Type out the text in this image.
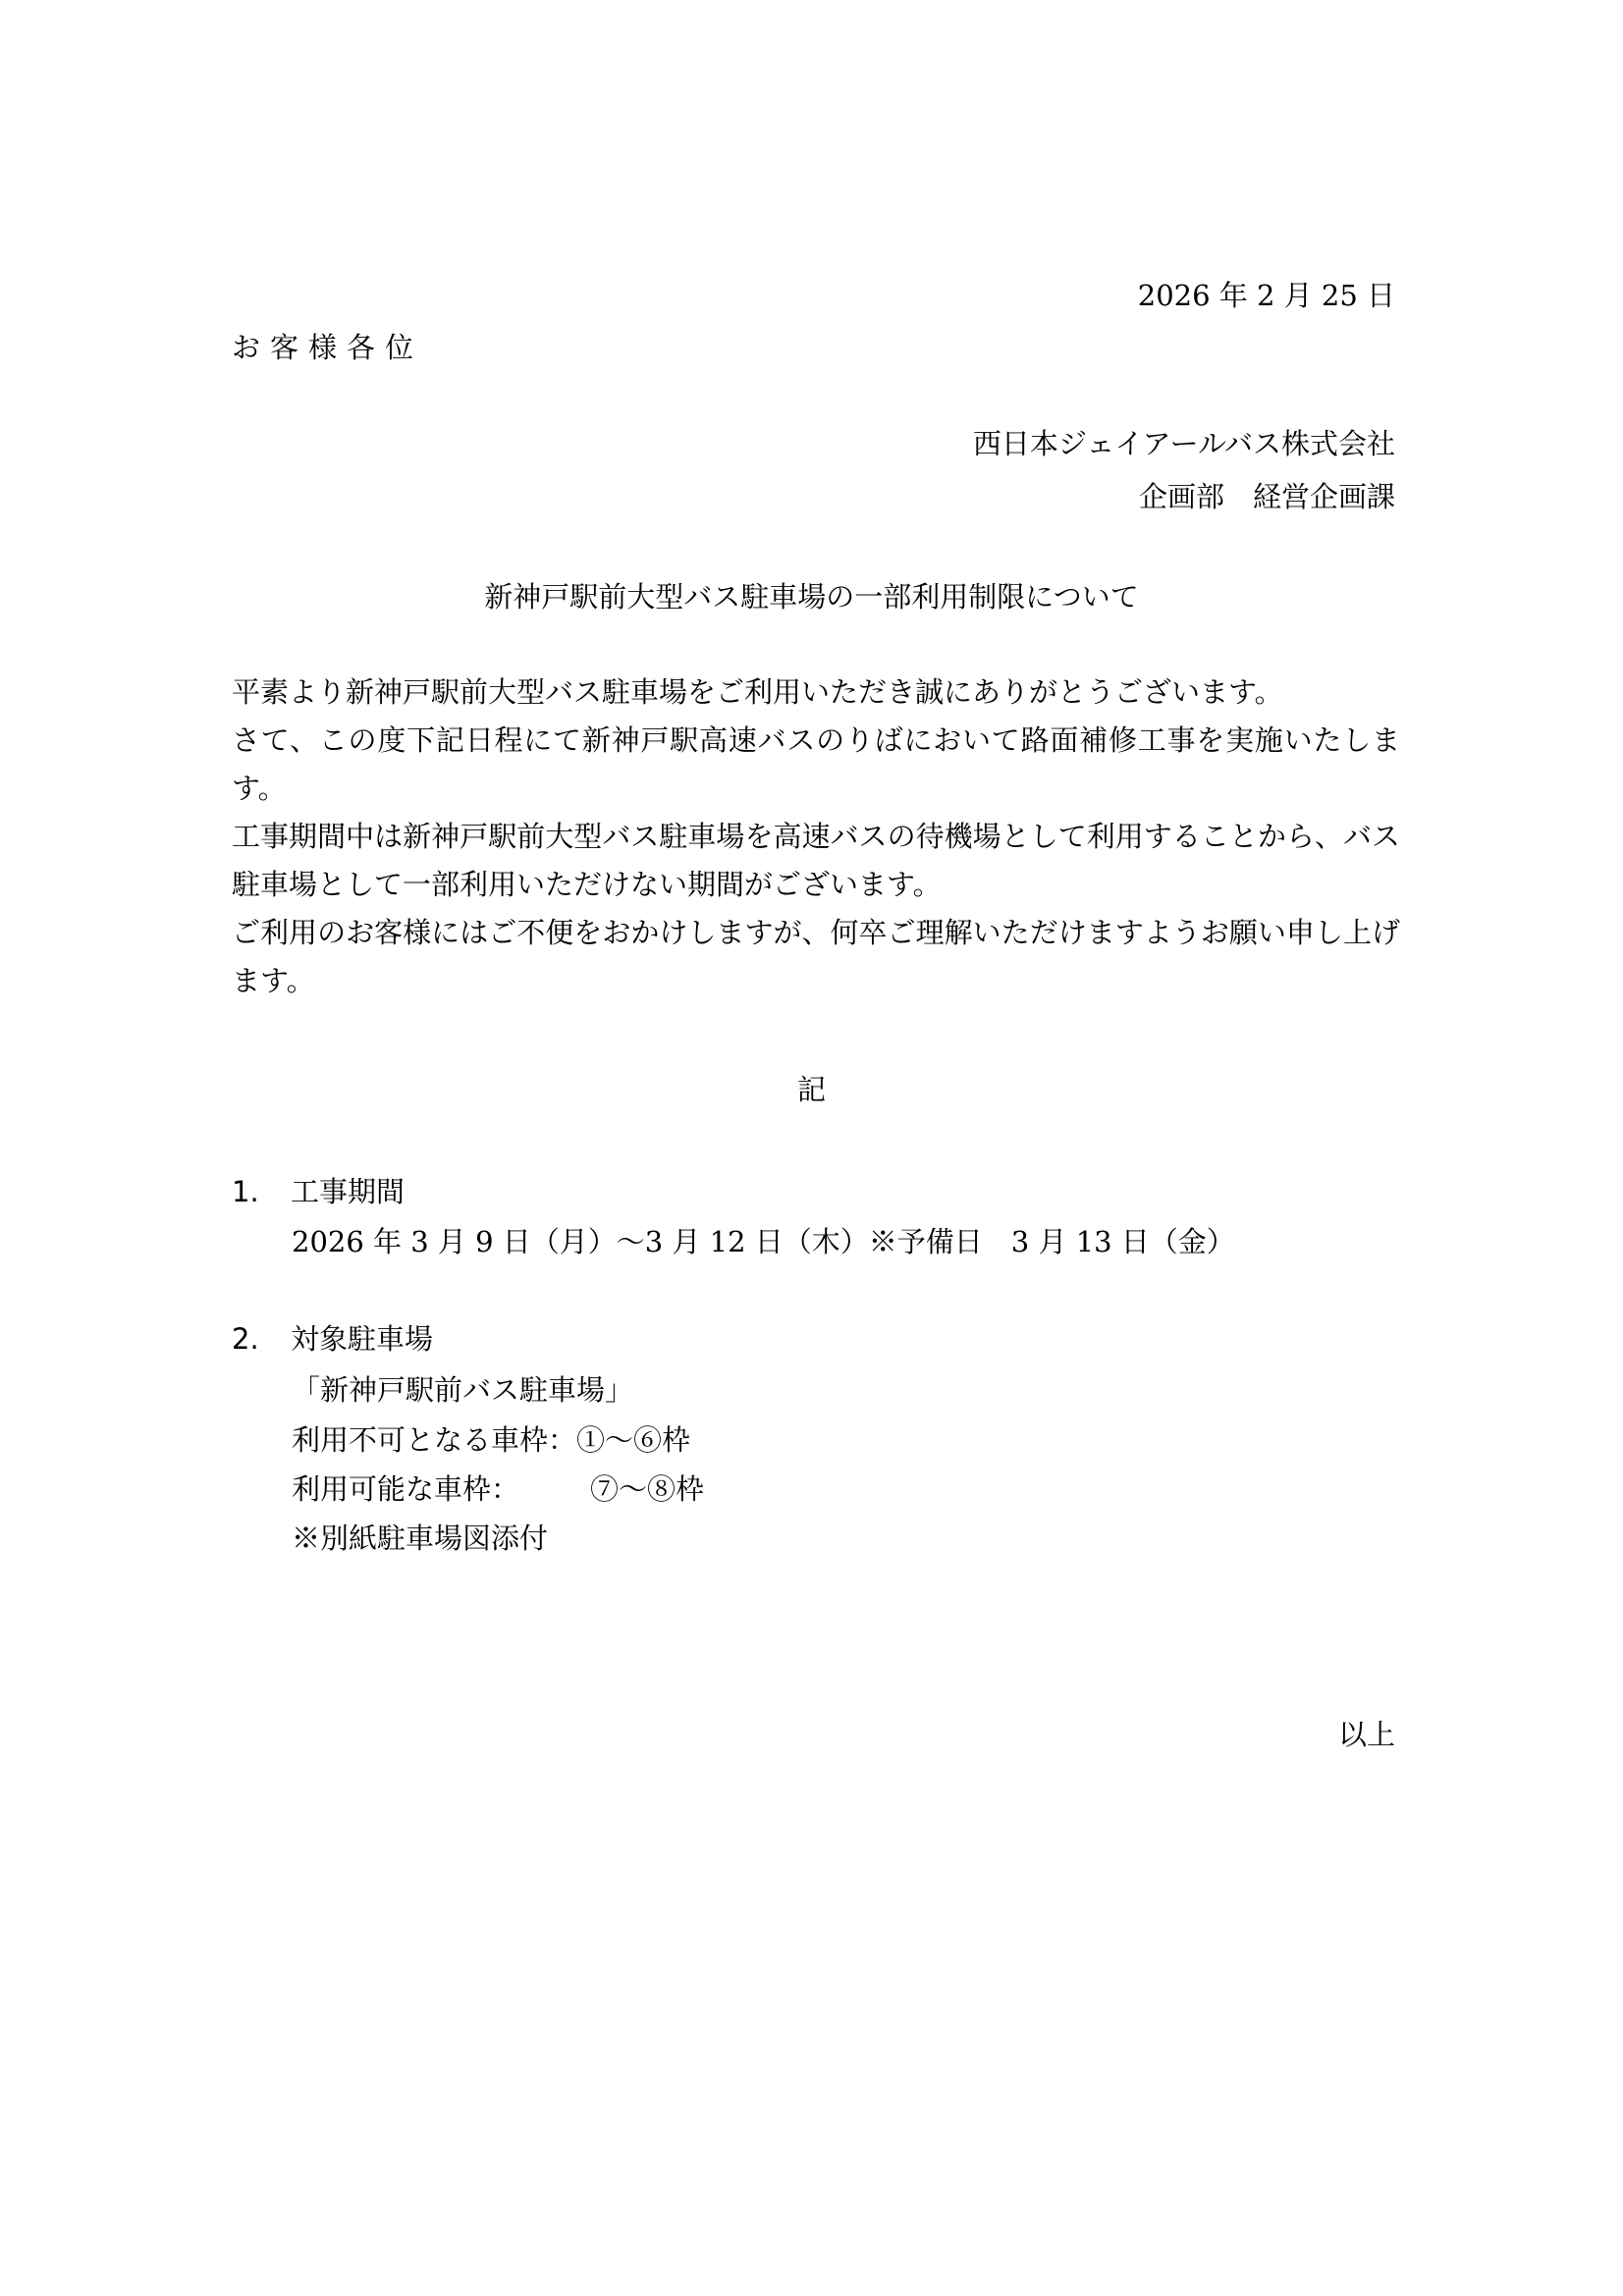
2026 年 2 月 25 日
お客様各位
西日本ジェイアールバス株式会社
企画部　経営企画課
新神戸駅前大型バス駐車場の一部利用制限について

平素より新神戸駅前大型バス駐車場をご利用いただき誠にありがとうございます。

さて、この度下記日程にて新神戸駅高速バスのりばにおいて路面補修工事を実施いたします。

工事期間中は新神戸駅前大型バス駐車場を高速バスの待機場として利用することから、バス駐車場として一部利用いただけない期間がございます。

ご利用のお客様にはご不便をおかけしますが、何卒ご理解いただけますようお願い申し上げます。

記
1. 工事期間
2026 年 3 月 9 日（月）～3 月 12 日（木）※予備日　3 月 13 日（金）
2. 対象駐車場
「新神戸駅前バス駐車場」
利用不可となる車枠：①～⑥枠
利用可能な車枠： ⑦～⑧枠
※別紙駐車場図添付
以上
